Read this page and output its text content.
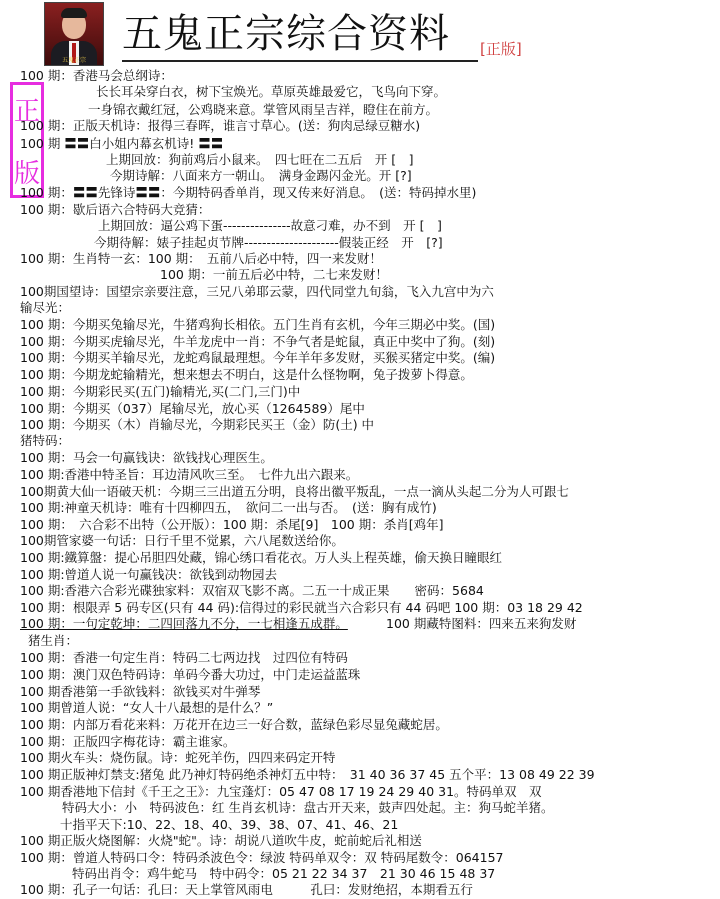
五鬼正宗
五鬼正宗综合资料 [正版]
正
版
100 期：香港马会总纲诗：
长长耳朵穿白衣，树下宝焕光。草原英雄最爱它，飞鸟向下穿。
一身锦衣戴红冠，公鸡晓来意。掌管风雨呈吉祥，瞪住在前方。
100 期：正版天机诗：报得三春晖，谁言寸草心。(送：狗肉忌绿豆糖水)
100 期 〓〓白小姐内幕玄机诗! 〓〓
上期回放：狗前鸡后小鼠来。　四七旺在二五后　开 [　]
今期诗解：八面来方一朝山。　满身金踢闪金光。开 [?]
100 期：〓〓先锋诗〓〓：今期特码香单肖，现又传来好消息。　(送：特码掉水里)
100 期：歇后语六合特码大竞猜：
上期回放：逼公鸡下蛋---------------故意刁难，办不到　开 [　]
今期待解：婊子挂起贞节牌---------------------假装正经　开　[?]
100 期：生肖特一玄：100 期：　五前八后必中特，四一来发财！
100 期：一前五后必中特，二七来发财！
100期国望诗：国望宗亲要注意，三兄八弟耶云蒙，四代同堂九旬翁，飞入九宫中为六
输尽光：
100 期：今期买兔输尽光，牛猪鸡狗长相依。五门生肖有玄机，今年三期必中奖。(国)
100 期：今期买虎输尽光，牛羊龙虎中一肖：不争气者是蛇鼠，真正中奖中了狗。(刻)
100 期：今期买羊输尽光，龙蛇鸡鼠最理想。今年羊年多发财，买猴买猪定中奖。(编)
100 期：今期龙蛇输精光，想来想去不明白，这是什么怪物啊，兔子拨萝卜得意。
100 期：今期彩民买(五门)输精光,买(二门,三门)中
100 期：今期买（037）尾输尽光，放心买（1264589）尾中
100 期：今期买（木）肖输尽光，今期彩民买王（金）防(土) 中
猪特码：
100 期：马会一句赢钱诀：欲钱找心理医生。
100 期:香港中特圣旨：耳边清风吹三至。　七件九出六跟来。
100期黄大仙一语破天机：今期三三出道五分明，良将出徽平叛乱，一点一滴从头起二分为人可跟七
100 期:神童天机诗：唯有十四柳四五，　欲问二一出与否。　(送：胸有成竹)
100 期：　六合彩不出特（公开版）：100 期：杀尾[9]　100 期：杀肖[鸡年]
100期管家婆一句话：日行千里不觉累，六八尾数送给你。
100 期:鐵算盤：提心吊胆四处藏，锦心绣口看花衣。万人头上程英雄，偷天换日瞳眼红
100 期:曾道人说一句赢钱决：欲钱到动物园去
100 期:香港六合彩光碟独家料：双宿双飞影不离。二五一十成正果　　密码：5684
100 期：根限弄 5 码专区(只有 44 码):信得过的彩民就当六合彩只有 44 码吧 100 期：03 18 29 42
100 期：一句定乾坤：二四回落九不分，一七相逢五成群。	100 期藏特图料：四来五来狗发财
猪生肖：
100 期：香港一句定生肖：特码二七两边找　过四位有特码
100 期：澳门双色特码诗：单码今番大功过，中门走运益蓝珠
100 期香港第一手欲钱料：欲钱买对牛弹琴
100 期曾道人说：“女人十八最想的是什么？”
100 期：内部万看花来料：万花开在边三一好合数，蓝绿色彩尽显兔藏蛇居。
100 期：正版四字梅花诗：霸主谁家。
100 期火车头：烧伤鼠。诗：蛇死羊伤，四四来码定开特
100 期正版神灯禁支:猪兔 此乃神灯特码绝杀神灯五中特：　31 40 36 37 45 五个平：13 08 49 22 39
100 期香港地下信封《千王之王》：九宝蓬灯：05 47 08 17 19 24 29 40 31。特码单双　双
特码大小：小　特码波色：红 生肖玄机诗：盘古开天来，鼓声四处起。主：狗马蛇羊猪。
十指平天下:10、22、18、40、39、38、07、41、46、21
100 期正版火烧图解：火烧"蛇"。诗：胡说八道吹牛皮，蛇前蛇后礼相送
100 期：曾道人特码口令：特码杀波色令：绿波 特码单双令：双 特码尾数令：064157
特码出肖令：鸡牛蛇马　特中码令：05 21 22 34 37　21 30 46 15 48 37
100 期：孔子一句话：孔曰：天上掌管风雨电　　　孔曰：发财绝招，本期看五行
